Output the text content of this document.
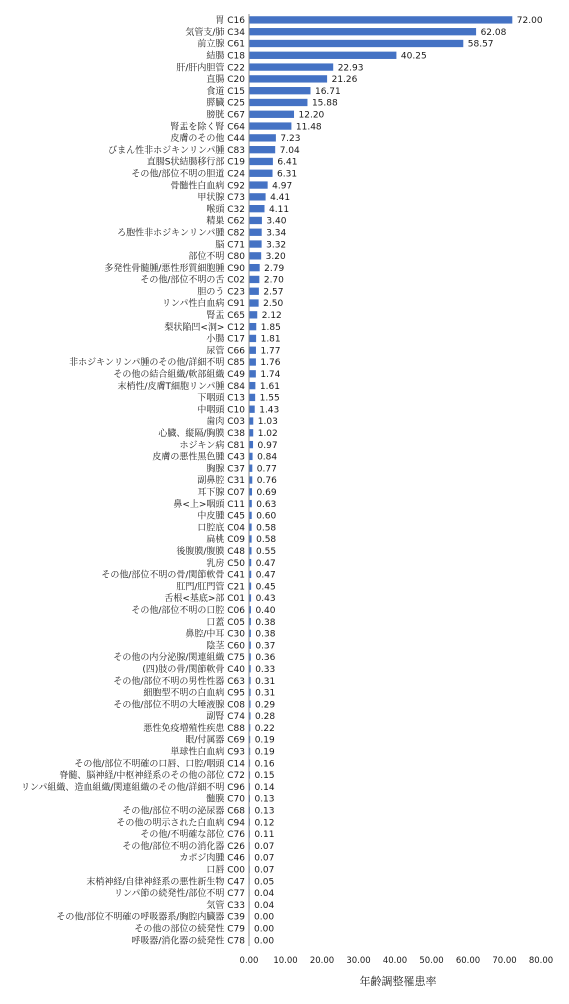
0.00 10.00 20.00 30.00 40.00 50.00 60.00 70.00 80.00
胃 C16	72.00
気管支/肺 C34	62.08
前立腺 C61	58.57
結腸 C18	40.25
肝/肝内胆管 C22	22.93
直腸 C20	21.26
食道 C15	16.71
膵臓 C25	15.88
膀胱 C67	12.20
腎盂を除く腎 C64	11.48
皮膚のその他 C44	7.23
びまん性非ホジキンリンパ腫 C83	7.04
直腸S状結腸移行部 C19	6.41
その他/部位不明の胆道 C24	6.31
骨髄性白血病 C92	4.97
甲状腺 C73	4.41
喉頭 C32	4.11
精巣 C62 3.40
ろ胞性非ホジキンリンパ腫 C82 3.34
脳 C71 3.32
部位不明 C80 3.20
多発性骨髄腫/悪性形質細胞腫 C90 2.79
その他/部位不明の舌 C02 2.70
胆のう C23 2.57
リンパ性白血病 C91 2.50
腎盂 C65 2.12
梨状陥凹<洞> C12 1.85
小腸 C17 1.81
尿管 C66 1.77
非ホジキンリンパ腫のその他/詳細不明 C85 1.76
その他の結合組織/軟部組織 C49 1.74
末梢性/皮膚T細胞リンパ腫 C84 1.61
下咽頭 C13 1.55
中咽頭 C10 1.43
歯肉 C03 1.03
心臓、縦隔/胸膜 C38 1.02
ホジキン病 C81 0.97
皮膚の悪性黒色腫 C43 0.84
胸腺 C37 0.77
副鼻腔 C31 0.76
耳下腺 C07 0.69
鼻<上>咽頭 C11 0.63
中皮腫 C45 0.60
口腔底 C04 0.58
扁桃 C09 0.58
後腹膜/腹膜 C48 0.55
乳房 C50 0.47
その他/部位不明の骨/関節軟骨 C41 0.47
肛門/肛門管 C21 0.45
舌根<基底>部 C01 0.43
その他/部位不明の口腔 C06 0.40
口蓋 C05 0.38
鼻腔/中耳 C30 0.38
陰茎 C60 0.37
その他の内分泌腺/関連組織 C75 0.36
(四)肢の骨/関節軟骨 C40 0.33
その他/部位不明の男性性器 C63 0.31
細胞型不明の白血病 C95 0.31
その他/部位不明の大唾液腺 C08 0.29
副腎 C74 0.28
悪性免疫増殖性疾患 C88 0.22
眼/付属器 C69 0.19
単球性白血病 C93 0.19
その他/部位不明確の口唇、口腔/咽頭 C14 0.16
脊髄、脳神経/中枢神経系のその他の部位 C72 0.15
リンパ組織、造血組織/関連組織のその他/詳細不明 C96 0.14
髄膜 C70 0.13
その他/部位不明の泌尿器 C68 0.13
その他の明示された白血病 C94 0.12
その他/不明確な部位 C76 0.11
その他/部位不明の消化器 C26 0.07
カポジ肉腫 C46 0.07
口唇 C00 0.07
末梢神経/自律神経系の悪性新生物 C47 0.05
リンパ節の続発性/部位不明 C77 0.04
気管 C33 0.04
その他/部位不明確の呼吸器系/胸腔内臓器 C39 0.00
その他の部位の続発性 C79 0.00
呼吸器/消化器の続発性 C78 0.00
年齢調整罹患率
